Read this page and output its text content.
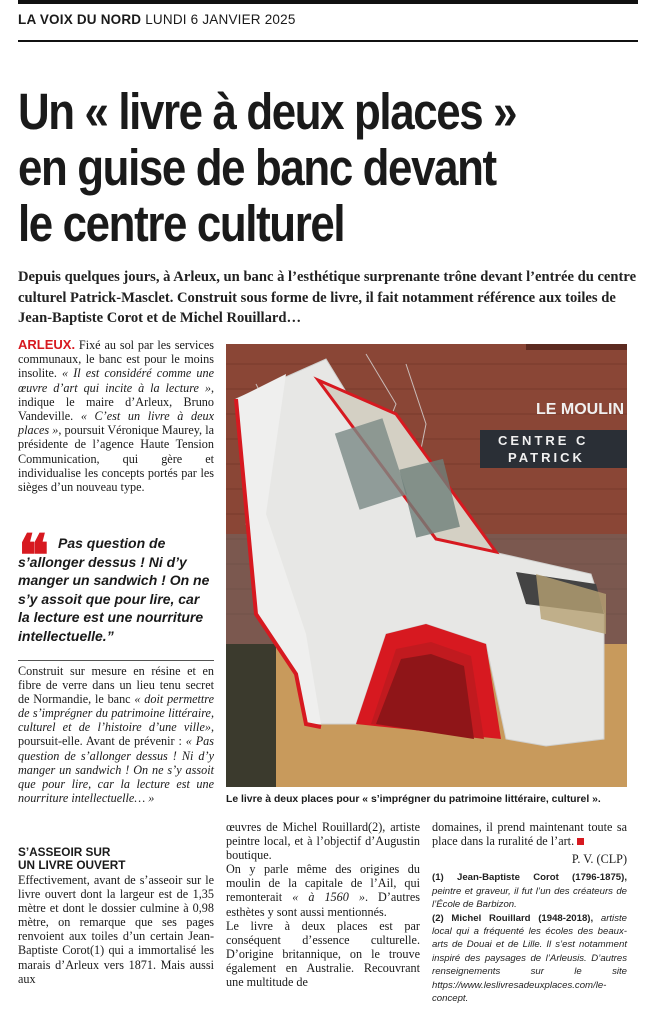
LA VOIX DU NORD LUNDI 6 JANVIER 2025
Un « livre à deux places »
en guise de banc devant
le centre culturel
Depuis quelques jours, à Arleux, un banc à l’esthétique surprenante trône devant l’entrée du centre culturel Patrick-Masclet. Construit sous forme de livre, il fait notamment référence aux toiles de Jean-Baptiste Corot et de Michel Rouillard…

ARLEUX. Fixé au sol par les services communaux, le banc est pour le moins insolite. « Il est considéré comme une œuvre d’art qui incite à la lecture », indique le maire d’Arleux, Bruno Vandeville. « C’est un livre à deux places », poursuit Véronique Maurey, la présidente de l’agence Haute Tension Communication, qui gère et individualise les concepts portés par les sièges d’un nouveau type.

❝ Pas question de s’allonger dessus ! Ni d’y manger un sandwich ! On ne s’y assoit que pour lire, car la lecture est une nourriture intellectuelle.”
Construit sur mesure en résine et en fibre de verre dans un lieu tenu secret de Normandie, le banc « doit permettre de s’imprégner du patrimoine littéraire, culturel et de l’histoire d’une ville», poursuit-elle. Avant de prévenir : « Pas question de s’allonger dessus ! Ni d’y manger un sandwich ! On ne s’y assoit que pour lire, car la lecture est une nourriture intellectuelle… »
S’ASSEOIR SUR
UN LIVRE OUVERT
Effectivement, avant de s’asseoir sur le livre ouvert dont la largeur est de 1,35 mètre et dont le dossier culmine à 0,98 mètre, on remarque que ses pages renvoient aux toiles d’un certain Jean-Baptiste Corot(1) qui a immortalisé les marais d’Arleux vers 1871. Mais aussi aux
LE MOULIN
CENTRE C
PATRICK
Le livre à deux places pour « s’imprégner du patrimoine littéraire, culturel ».

œuvres de Michel Rouillard(2), artiste peintre local, et à l’objectif d’Augustin boutique.

On y parle même des origines du moulin de la capitale de l’Ail, qui remonterait « à 1560 ». D’autres esthètes y sont aussi mentionnés.

Le livre à deux places est par conséquent d’essence culturelle. D’origine britannique, on le trouve également en Australie. Recouvrant une multitude de

domaines, il prend maintenant toute sa place dans la ruralité de l’art.
P. V. (CLP)

(1) Jean-Baptiste Corot (1796-1875), peintre et graveur, il fut l’un des créateurs de l’École de Barbizon.

(2) Michel Rouillard (1948-2018), artiste local qui a fréquenté les écoles des beaux-arts de Douai et de Lille. Il s’est notamment inspiré des paysages de l’Arleusis. D’autres renseignements sur le site https://www.leslivresadeuxplaces.com/le-concept.
